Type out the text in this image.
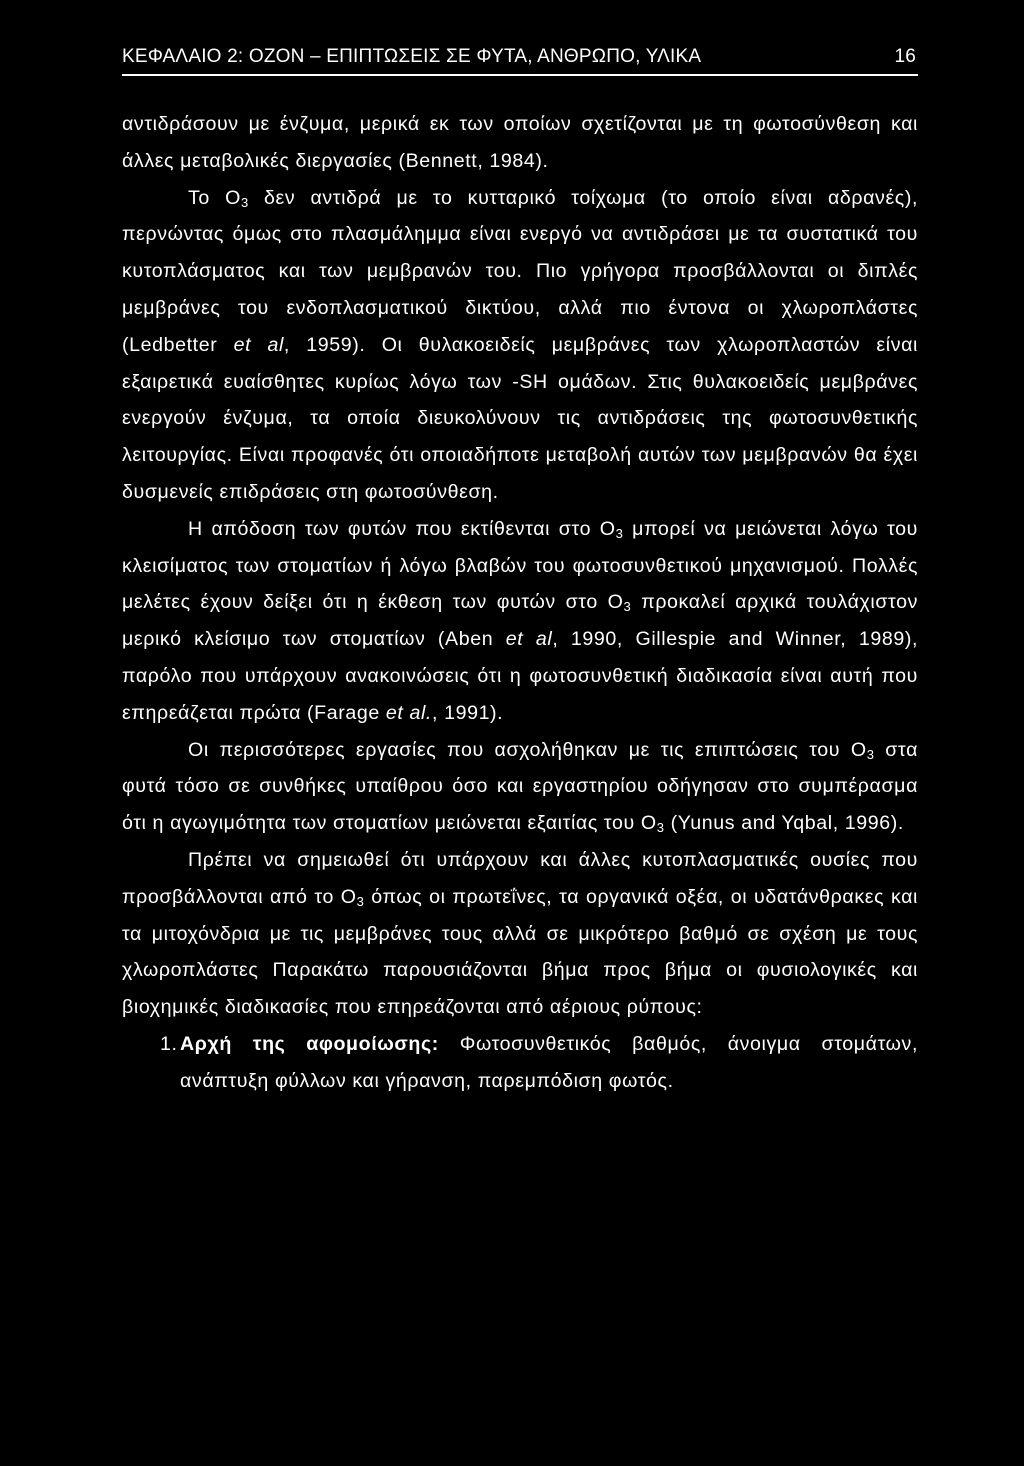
ΚΕΦΑΛΑΙΟ 2: ΟΖΟΝ – ΕΠΙΠΤΩΣΕΙΣ ΣΕ ΦΥΤΑ, ΑΝΘΡΩΠΟ, ΥΛΙΚΑ	16

αντιδράσουν με ένζυμα, μερικά εκ των οποίων σχετίζονται με τη φωτοσύνθεση και άλλες μεταβολικές διεργασίες (Bennett, 1984).

Το $O_3$ δεν αντιδρά με το κυτταρικό τοίχωμα (το οποίο είναι αδρανές), περνώντας όμως στο πλασμάλημμα είναι ενεργό να αντιδράσει με τα συστατικά του κυτοπλάσματος και των μεμβρανών του. Πιο γρήγορα προσβάλλονται οι διπλές μεμβράνες του ενδοπλασματικού δικτύου, αλλά πιο έντονα οι χλωροπλάστες (Ledbetter et al, 1959). Οι θυλακοειδείς μεμβράνες των χλωροπλαστών είναι εξαιρετικά ευαίσθητες κυρίως λόγω των -SH ομάδων. Στις θυλακοειδείς μεμβράνες ενεργούν ένζυμα, τα οποία διευκολύνουν τις αντιδράσεις της φωτοσυνθετικής λειτουργίας. Είναι προφανές ότι οποιαδήποτε μεταβολή αυτών των μεμβρανών θα έχει δυσμενείς επιδράσεις στη φωτοσύνθεση.

Η απόδοση των φυτών που εκτίθενται στο $O_3$ μπορεί να μειώνεται λόγω του κλεισίματος των στοματίων ή λόγω βλαβών του φωτοσυνθετικού μηχανισμού. Πολλές μελέτες έχουν δείξει ότι η έκθεση των φυτών στο $O_3$ προκαλεί αρχικά τουλάχιστον μερικό κλείσιμο των στοματίων (Aben et al, 1990, Gillespie and Winner, 1989), παρόλο που υπάρχουν ανακοινώσεις ότι η φωτοσυνθετική διαδικασία είναι αυτή που επηρεάζεται πρώτα (Farage et al., 1991).

Οι περισσότερες εργασίες που ασχολήθηκαν με τις επιπτώσεις του $O_3$ στα φυτά τόσο σε συνθήκες υπαίθρου όσο και εργαστηρίου οδήγησαν στο συμπέρασμα ότι η αγωγιμότητα των στοματίων μειώνεται εξαιτίας του $O_3$ (Yunus and Yqbal, 1996).

Πρέπει να σημειωθεί ότι υπάρχουν και άλλες κυτοπλασματικές ουσίες που προσβάλλονται από το $O_3$ όπως οι πρωτεΐνες, τα οργανικά οξέα, οι υδατάνθρακες και τα μιτοχόνδρια με τις μεμβράνες τους αλλά σε μικρότερο βαθμό σε σχέση με τους χλωροπλάστες Παρακάτω παρουσιάζονται βήμα προς βήμα οι φυσιολογικές και βιοχημικές διαδικασίες που επηρεάζονται από αέριους ρύπους:

1. Αρχή της αφομοίωσης: Φωτοσυνθετικός βαθμός, άνοιγμα στομάτων, ανάπτυξη φύλλων και γήρανση, παρεμπόδιση φωτός.
